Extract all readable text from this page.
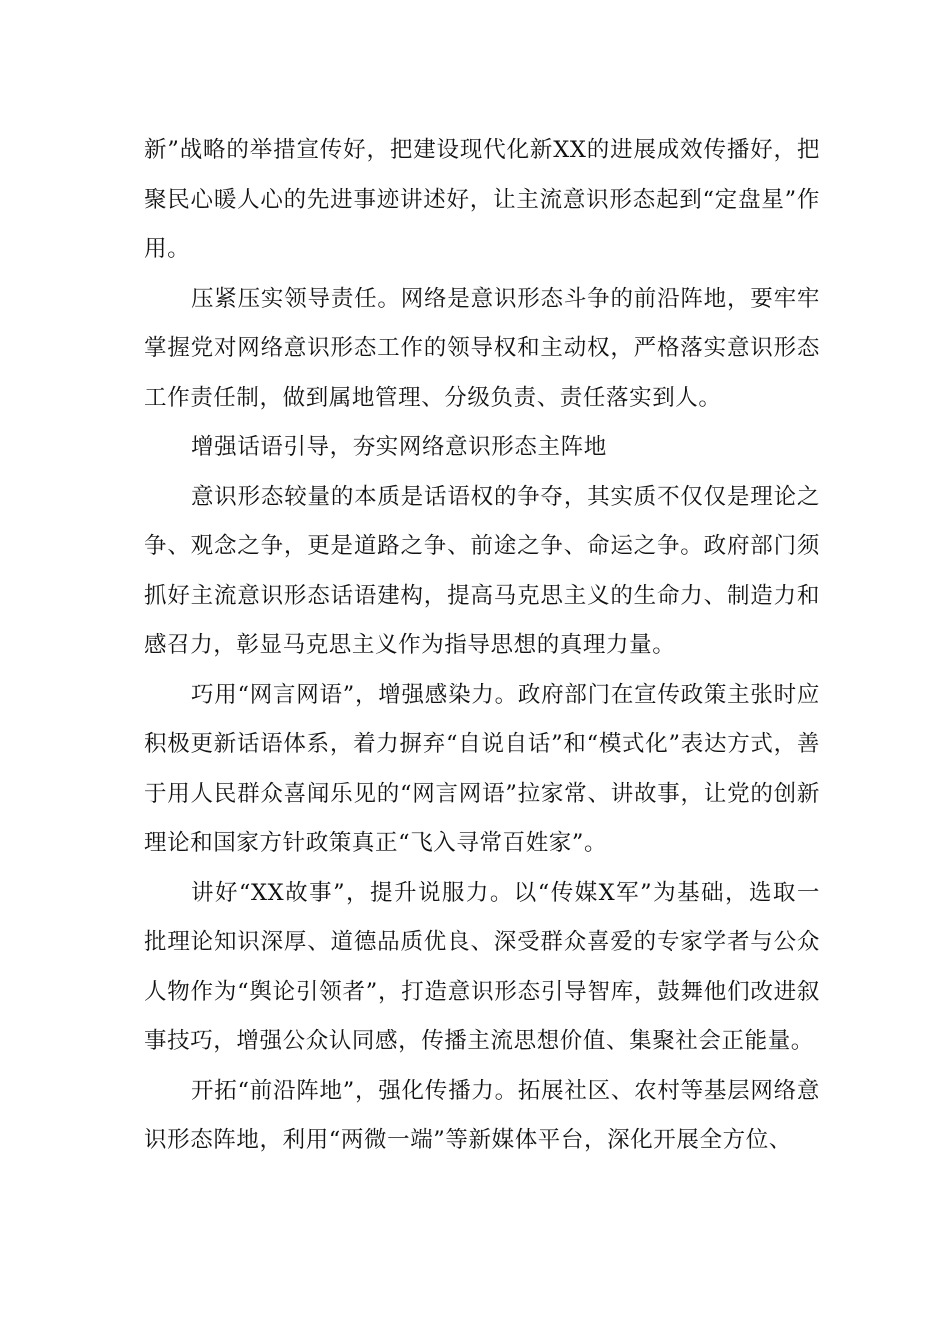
新”战略的举措宣传好，把建设现代化新XX的进展成效传播好，把聚民心暖人心的先进事迹讲述好，让主流意识形态起到“定盘星”作用。

压紧压实领导责任。网络是意识形态斗争的前沿阵地，要牢牢掌握党对网络意识形态工作的领导权和主动权，严格落实意识形态工作责任制，做到属地管理、分级负责、责任落实到人。

增强话语引导，夯实网络意识形态主阵地

意识形态较量的本质是话语权的争夺，其实质不仅仅是理论之争、观念之争，更是道路之争、前途之争、命运之争。政府部门须抓好主流意识形态话语建构，提高马克思主义的生命力、制造力和感召力，彰显马克思主义作为指导思想的真理力量。

巧用“网言网语”，增强感染力。政府部门在宣传政策主张时应积极更新话语体系，着力摒弃“自说自话”和“模式化”表达方式，善于用人民群众喜闻乐见的“网言网语”拉家常、讲故事，让党的创新理论和国家方针政策真正“飞入寻常百姓家”。

讲好“XX故事”，提升说服力。以“传媒X军”为基础，选取一批理论知识深厚、道德品质优良、深受群众喜爱的专家学者与公众人物作为“舆论引领者”，打造意识形态引导智库，鼓舞他们改进叙事技巧，增强公众认同感，传播主流思想价值、集聚社会正能量。

开拓“前沿阵地”，强化传播力。拓展社区、农村等基层网络意识形态阵地，利用“两微一端”等新媒体平台，深化开展全方位、
